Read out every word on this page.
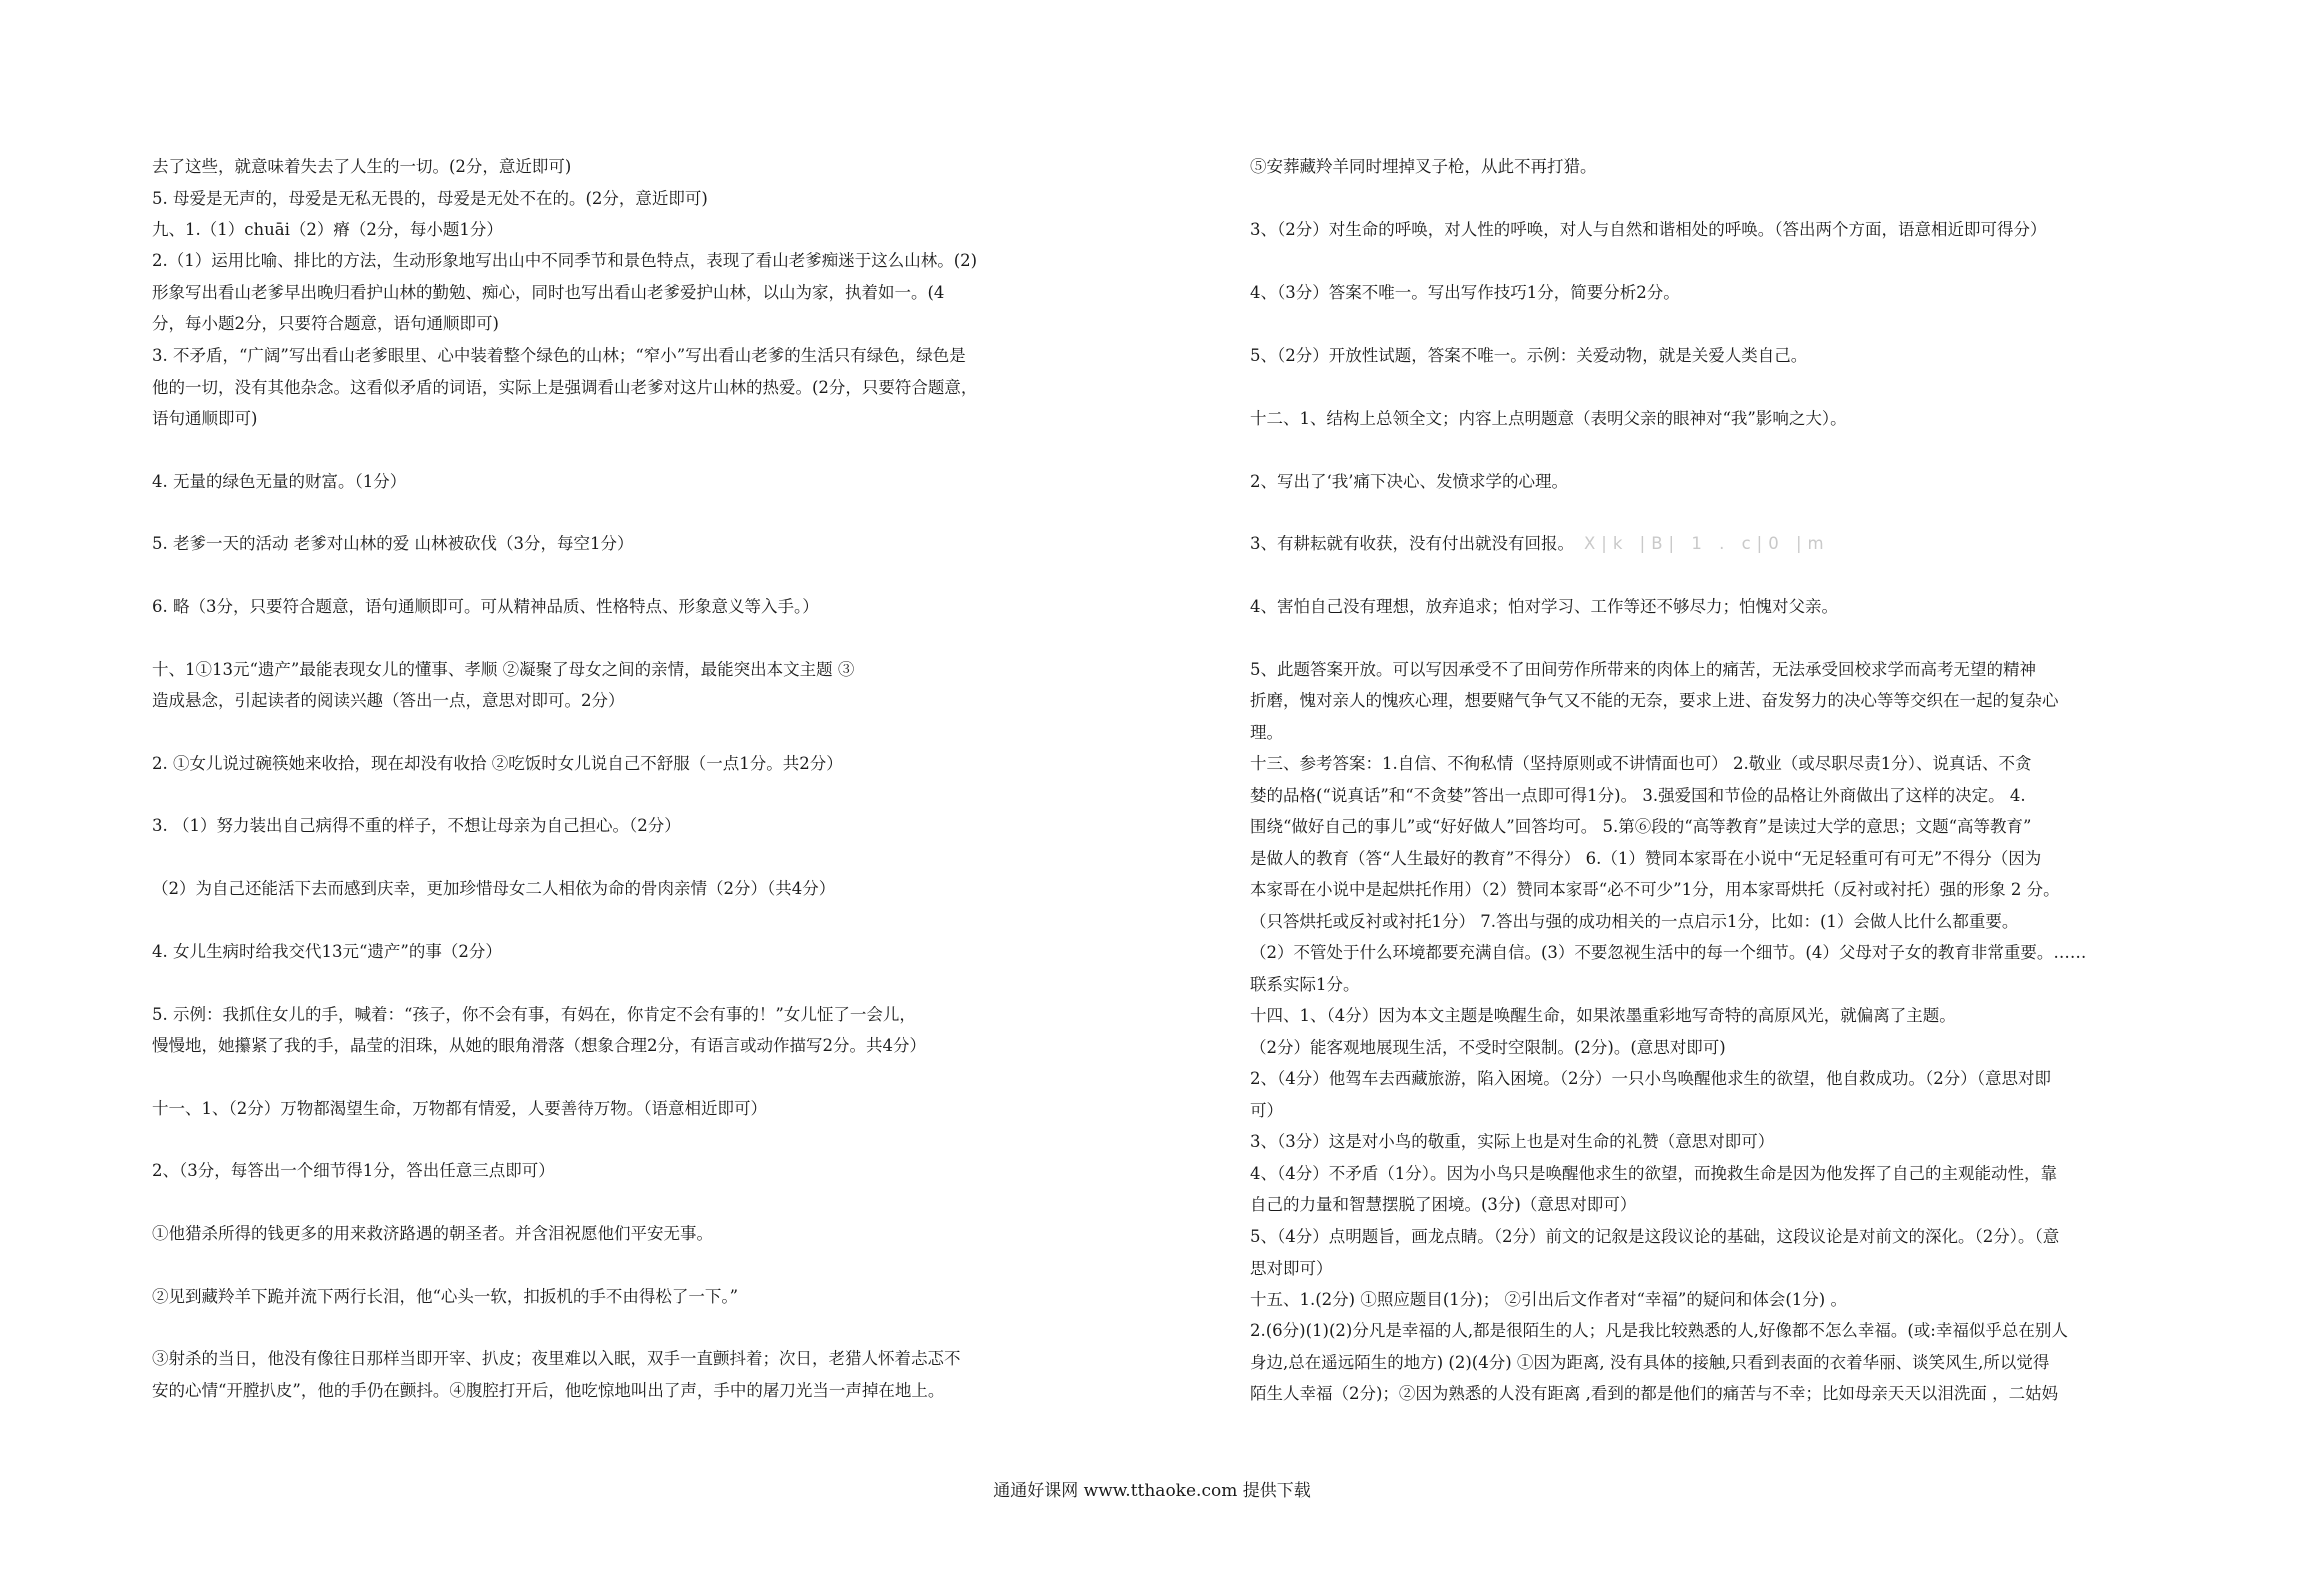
去了这些，就意味着失去了人生的一切。(2分，意近即可)
5. 母爱是无声的，母爱是无私无畏的，母爱是无处不在的。(2分，意近即可)
九、1.（1）chuāi（2）瘠（2分，每小题1分）
2.（1）运用比喻、排比的方法，生动形象地写出山中不同季节和景色特点，表现了看山老爹痴迷于这么山林。(2)
形象写出看山老爹早出晚归看护山林的勤勉、痴心，同时也写出看山老爹爱护山林，以山为家，执着如一。(4
分，每小题2分，只要符合题意，语句通顺即可)
3. 不矛盾，“广阔”写出看山老爹眼里、心中装着整个绿色的山林；“窄小”写出看山老爹的生活只有绿色，绿色是
他的一切，没有其他杂念。这看似矛盾的词语，实际上是强调看山老爹对这片山林的热爱。(2分，只要符合题意，
语句通顺即可)
4. 无量的绿色无量的财富。（1分）
5. 老爹一天的活动 老爹对山林的爱 山林被砍伐（3分，每空1分）
6. 略（3分，只要符合题意，语句通顺即可。可从精神品质、性格特点、形象意义等入手。）
十、1①13元“遗产”最能表现女儿的懂事、孝顺 ②凝聚了母女之间的亲情，最能突出本文主题 ③
造成悬念，引起读者的阅读兴趣（答出一点，意思对即可。2分）
2. ①女儿说过碗筷她来收拾，现在却没有收拾 ②吃饭时女儿说自己不舒服（一点1分。共2分）
3. （1）努力装出自己病得不重的样子，不想让母亲为自己担心。（2分）
（2）为自己还能活下去而感到庆幸，更加珍惜母女二人相依为命的骨肉亲情（2分）（共4分）
4. 女儿生病时给我交代13元“遗产”的事（2分）
5. 示例：我抓住女儿的手，喊着：“孩子，你不会有事，有妈在，你肯定不会有事的！”女儿怔了一会儿，
慢慢地，她攥紧了我的手，晶莹的泪珠，从她的眼角滑落（想象合理2分，有语言或动作描写2分。共4分）
十一、1、（2分）万物都渴望生命，万物都有情爱，人要善待万物。（语意相近即可）
2、（3分，每答出一个细节得1分，答出任意三点即可）
①他猎杀所得的钱更多的用来救济路遇的朝圣者。并含泪祝愿他们平安无事。
②见到藏羚羊下跪并流下两行长泪，他“心头一软，扣扳机的手不由得松了一下。”
③射杀的当日，他没有像往日那样当即开宰、扒皮；夜里难以入眠，双手一直颤抖着；次日，老猎人怀着忐忑不
安的心情“开膛扒皮”，他的手仍在颤抖。④腹腔打开后，他吃惊地叫出了声，手中的屠刀光当一声掉在地上。
⑤安葬藏羚羊同时埋掉叉子枪，从此不再打猎。
3、（2分）对生命的呼唤，对人性的呼唤，对人与自然和谐相处的呼唤。（答出两个方面，语意相近即可得分）
4、（3分）答案不唯一。写出写作技巧1分，简要分析2分。
5、（2分）开放性试题，答案不唯一。示例：关爱动物，就是关爱人类自己。
十二、1、结构上总领全文；内容上点明题意（表明父亲的眼神对“我”影响之大）。
2、写出了‘我’痛下决心、发愤求学的心理。
3、有耕耘就有收获，没有付出就没有回报。 X|k |B| 1 . c|0 |m
4、害怕自己没有理想，放弃追求；怕对学习、工作等还不够尽力；怕愧对父亲。
5、此题答案开放。可以写因承受不了田间劳作所带来的肉体上的痛苦，无法承受回校求学而高考无望的精神
折磨，愧对亲人的愧疚心理，想要赌气争气又不能的无奈，要求上进、奋发努力的决心等等交织在一起的复杂心
理。
十三、参考答案：1.自信、不徇私情（坚持原则或不讲情面也可） 2.敬业（或尽职尽责1分）、说真话、不贪
婪的品格(“说真话”和“不贪婪”答出一点即可得1分)。 3.强爱国和节俭的品格让外商做出了这样的决定。 4.
围绕“做好自己的事儿”或“好好做人”回答均可。 5.第⑥段的“高等教育”是读过大学的意思；文题“高等教育”
是做人的教育（答“人生最好的教育”不得分） 6.（1）赞同本家哥在小说中“无足轻重可有可无”不得分（因为
本家哥在小说中是起烘托作用）（2）赞同本家哥“必不可少”1分，用本家哥烘托（反衬或衬托）强的形象 2 分。
（只答烘托或反衬或衬托1分） 7.答出与强的成功相关的一点启示1分，比如：(1）会做人比什么都重要。
（2）不管处于什么环境都要充满自信。(3）不要忽视生活中的每一个细节。(4）父母对子女的教育非常重要。……
联系实际1分。
十四、1、（4分）因为本文主题是唤醒生命，如果浓墨重彩地写奇特的高原风光，就偏离了主题。
（2分）能客观地展现生活，不受时空限制。(2分)。(意思对即可)
2、（4分）他驾车去西藏旅游，陷入困境。（2分）一只小鸟唤醒他求生的欲望，他自救成功。（2分）（意思对即
可）
3、（3分）这是对小鸟的敬重，实际上也是对生命的礼赞（意思对即可）
4、（4分）不矛盾（1分）。因为小鸟只是唤醒他求生的欲望，而挽救生命是因为他发挥了自己的主观能动性，靠
自己的力量和智慧摆脱了困境。(3分)（意思对即可）
5、（4分）点明题旨，画龙点睛。（2分）前文的记叙是这段议论的基础，这段议论是对前文的深化。（2分）。（意
思对即可）
十五、1.(2分) ①照应题目(1分)； ②引出后文作者对“幸福”的疑问和体会(1分) 。
2.(6分)(1)(2)分凡是幸福的人,都是很陌生的人；凡是我比较熟悉的人,好像都不怎么幸福。(或:幸福似乎总在别人
身边,总在遥远陌生的地方) (2)(4分) ①因为距离, 没有具体的接触,只看到表面的衣着华丽、谈笑风生,所以觉得
陌生人幸福（2分)；②因为熟悉的人没有距离 ,看到的都是他们的痛苦与不幸；比如母亲天天以泪洗面 ，二姑妈
通通好课网 www.tthaoke.com 提供下载
